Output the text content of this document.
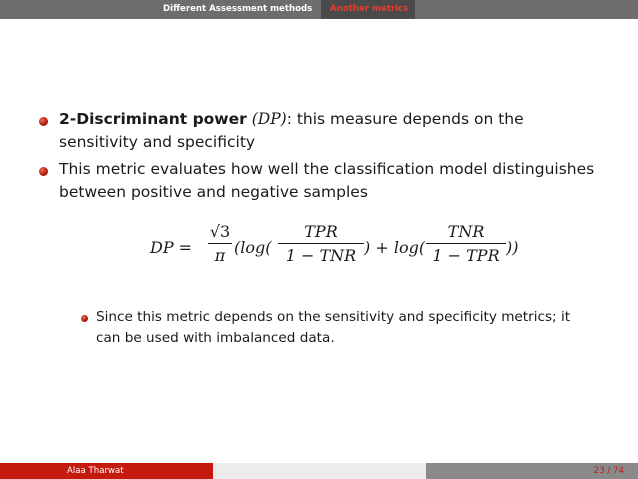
Different Assessment methods Another metrics
2-Discriminant power (DP): this measure depends on the
sensitivity and specificity
This metric evaluates how well the classification model distinguishes
between positive and negative samples
DP =
√3
π (log(
TPR
1 − TNR ) + log(
TNR
1 − TPR ))
Since this metric depends on the sensitivity and specificity metrics; it
can be used with imbalanced data.
Alaa Tharwat	23 / 74
